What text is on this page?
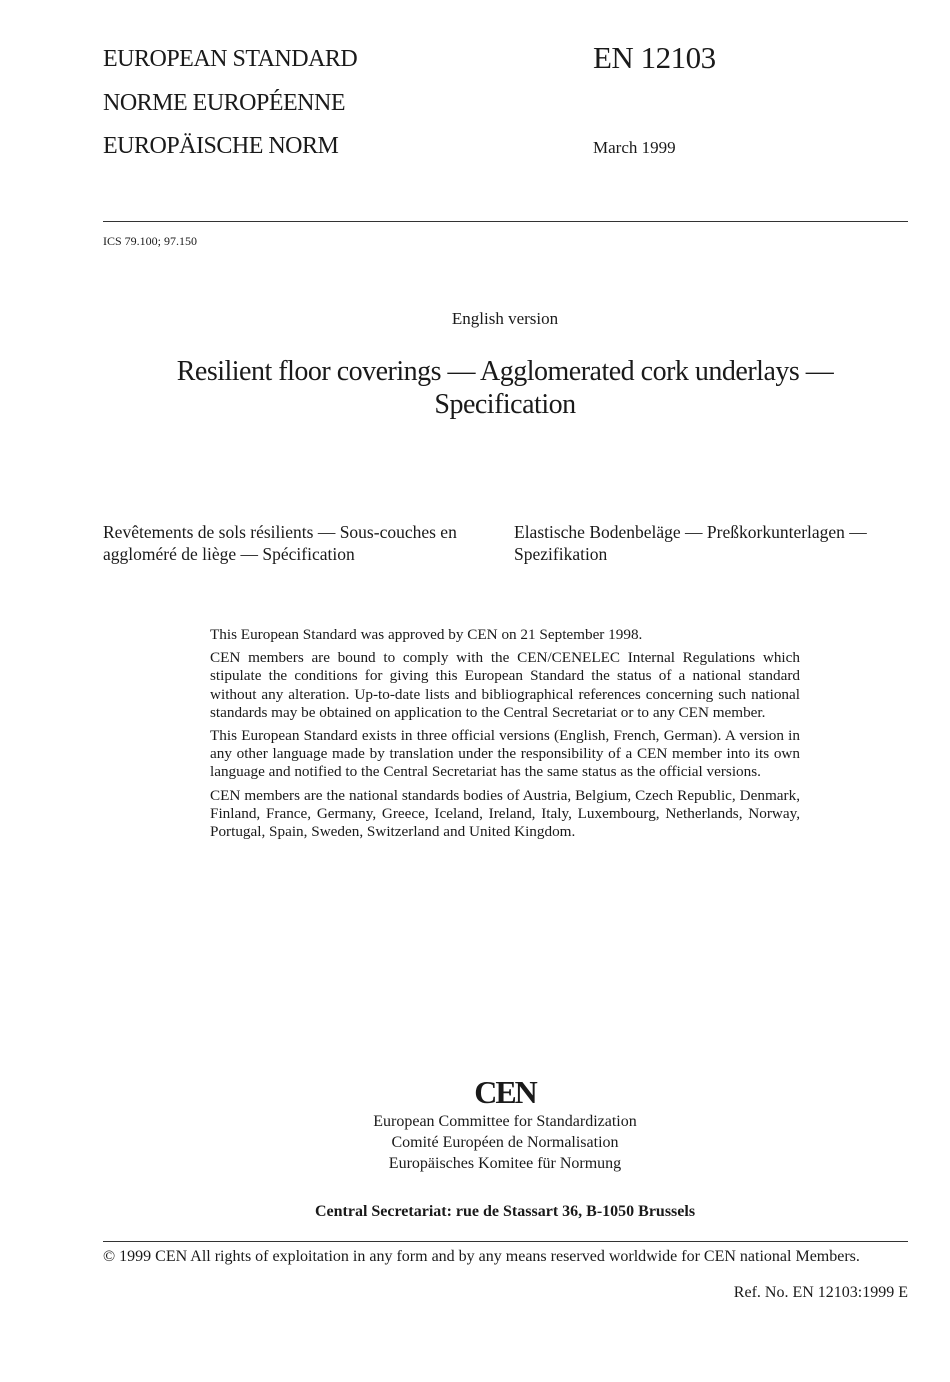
EUROPEAN STANDARD
NORME EUROPÉENNE
EUROPÄISCHE NORM
EN 12103
March 1999
ICS 79.100; 97.150
English version
Resilient floor coverings — Agglomerated cork underlays —
Specification
Revêtements de sols résilients — Sous-couches en aggloméré de liège — Spécification
Elastische Bodenbeläge — Preßkorkunterlagen — Spezifikation

This European Standard was approved by CEN on 21 September 1998.

CEN members are bound to comply with the CEN/CENELEC Internal Regulations which stipulate the conditions for giving this European Standard the status of a national standard without any alteration. Up-to-date lists and bibliographical references concerning such national standards may be obtained on application to the Central Secretariat or to any CEN member.

This European Standard exists in three official versions (English, French, German). A version in any other language made by translation under the responsibility of a CEN member into its own language and notified to the Central Secretariat has the same status as the official versions.

CEN members are the national standards bodies of Austria, Belgium, Czech Republic, Denmark, Finland, France, Germany, Greece, Iceland, Ireland, Italy, Luxembourg, Netherlands, Norway, Portugal, Spain, Sweden, Switzerland and United Kingdom.

CEN
European Committee for Standardization
Comité Européen de Normalisation
Europäisches Komitee für Normung
Central Secretariat: rue de Stassart 36, B-1050 Brussels
© 1999 CEN All rights of exploitation in any form and by any means reserved worldwide for CEN national Members.
Ref. No. EN 12103:1999 E
